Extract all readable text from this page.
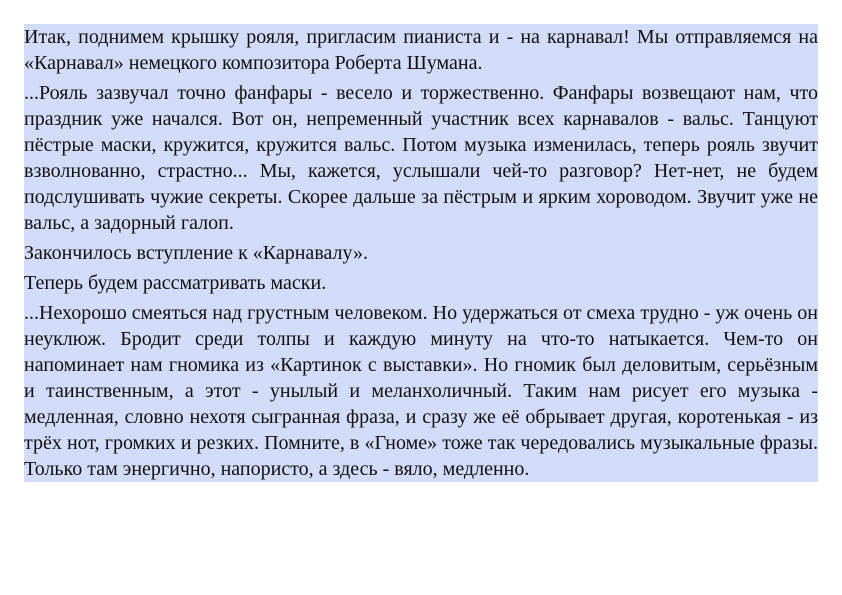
Итак, поднимем крышку рояля, пригласим пианиста и - на карнавал! Мы отправляемся на «Карнавал» немецкого композитора Роберта Шумана.

...Рояль зазвучал точно фанфары - весело и торжественно. Фанфары возвещают нам, что праздник уже начался. Вот он, непременный участник всех карнавалов - вальс. Танцуют пёстрые маски, кружится, кружится вальс. Потом музыка изменилась, теперь рояль звучит взволнованно, страстно... Мы, кажется, услышали чей-то разговор? Нет-нет, не будем подслушивать чужие секреты. Скорее дальше за пёстрым и ярким хороводом. Звучит уже не вальс, а задорный галоп.

Закончилось вступление к «Карнавалу».

Теперь будем рассматривать маски.

...Нехорошо смеяться над грустным человеком. Но удержаться от смеха трудно - уж очень он неуклюж. Бродит среди толпы и каждую минуту на что-то натыкается. Чем-то он напоминает нам гномика из «Картинок с выставки». Но гномик был деловитым, серьёзным и таинственным, а этот - унылый и меланхоличный. Таким нам рисует его музыка - медленная, словно нехотя сыгранная фраза, и сразу же её обрывает другая, коротенькая - из трёх нот, громких и резких. Помните, в «Гноме» тоже так чередовались музыкальные фразы. Только там энергично, напористо, а здесь - вяло, медленно.
